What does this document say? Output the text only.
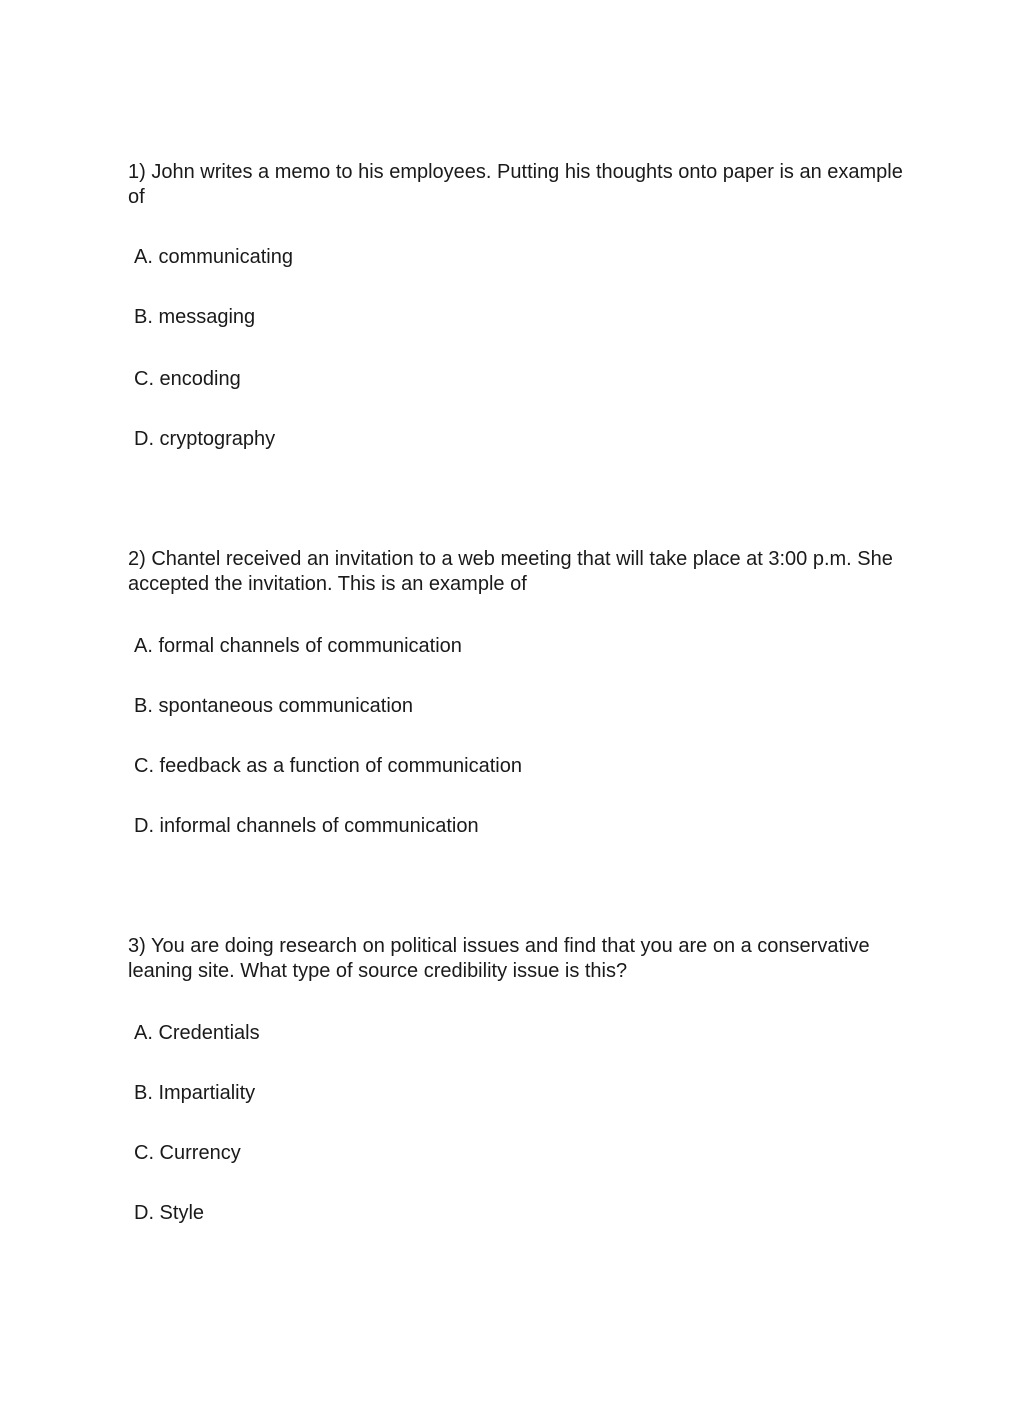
1) John writes a memo to his employees. Putting his thoughts onto paper is an example of

A. communicating

B. messaging

C. encoding

D. cryptography

2) Chantel received an invitation to a web meeting that will take place at 3:00 p.m. She accepted the invitation. This is an example of

A. formal channels of communication

B. spontaneous communication

C. feedback as a function of communication

D. informal channels of communication

3) You are doing research on political issues and find that you are on a conservative leaning site. What type of source credibility issue is this?

A. Credentials

B. Impartiality

C. Currency

D. Style
